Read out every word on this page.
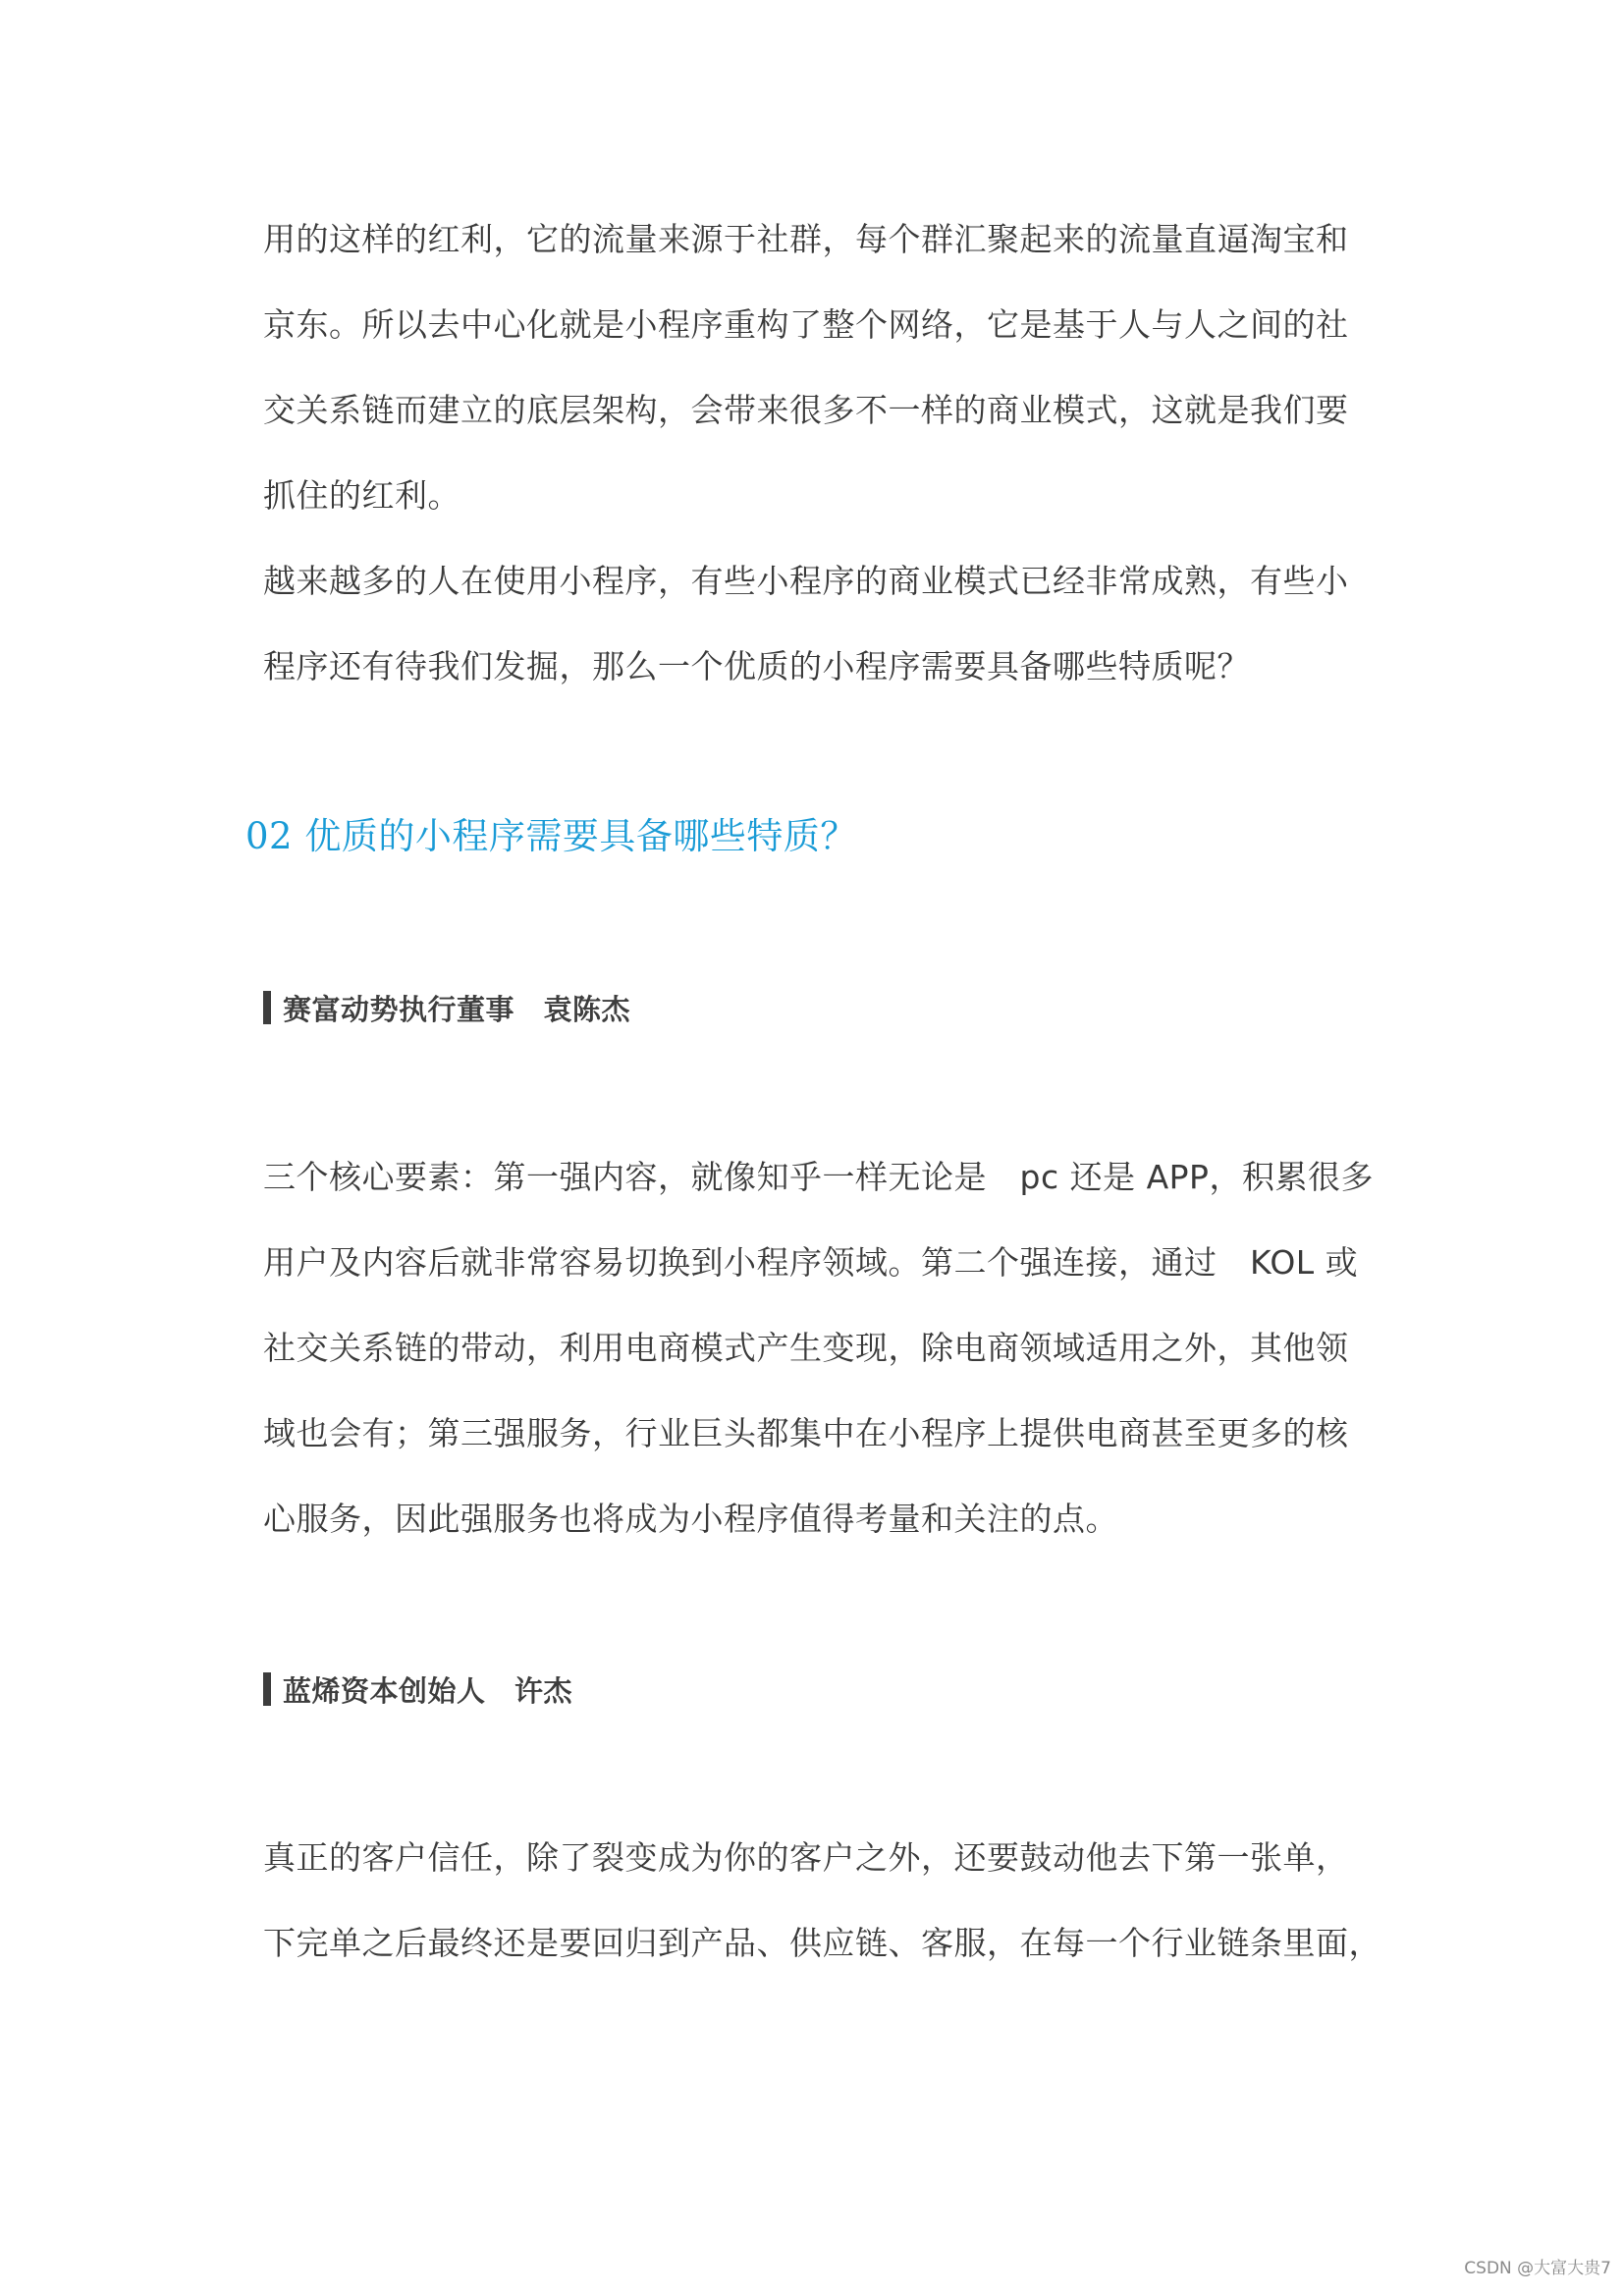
用的这样的红利，它的流量来源于社群，每个群汇聚起来的流量直逼淘宝和
京东。所以去中心化就是小程序重构了整个网络，它是基于人与人之间的社
交关系链而建立的底层架构，会带来很多不一样的商业模式，这就是我们要
抓住的红利。
越来越多的人在使用小程序，有些小程序的商业模式已经非常成熟，有些小
程序还有待我们发掘，那么一个优质的小程序需要具备哪些特质呢？
02 优质的小程序需要具备哪些特质？
赛富动势执行董事　袁陈杰
三个核心要素：第一强内容，就像知乎一样无论是　pc 还是 APP，积累很多
用户及内容后就非常容易切换到小程序领域。第二个强连接，通过　KOL 或
社交关系链的带动，利用电商模式产生变现，除电商领域适用之外，其他领
域也会有；第三强服务，行业巨头都集中在小程序上提供电商甚至更多的核
心服务，因此强服务也将成为小程序值得考量和关注的点。
蓝烯资本创始人　许杰
真正的客户信任，除了裂变成为你的客户之外，还要鼓动他去下第一张单，
下完单之后最终还是要回归到产品、供应链、客服，在每一个行业链条里面，
CSDN @大富大贵7
